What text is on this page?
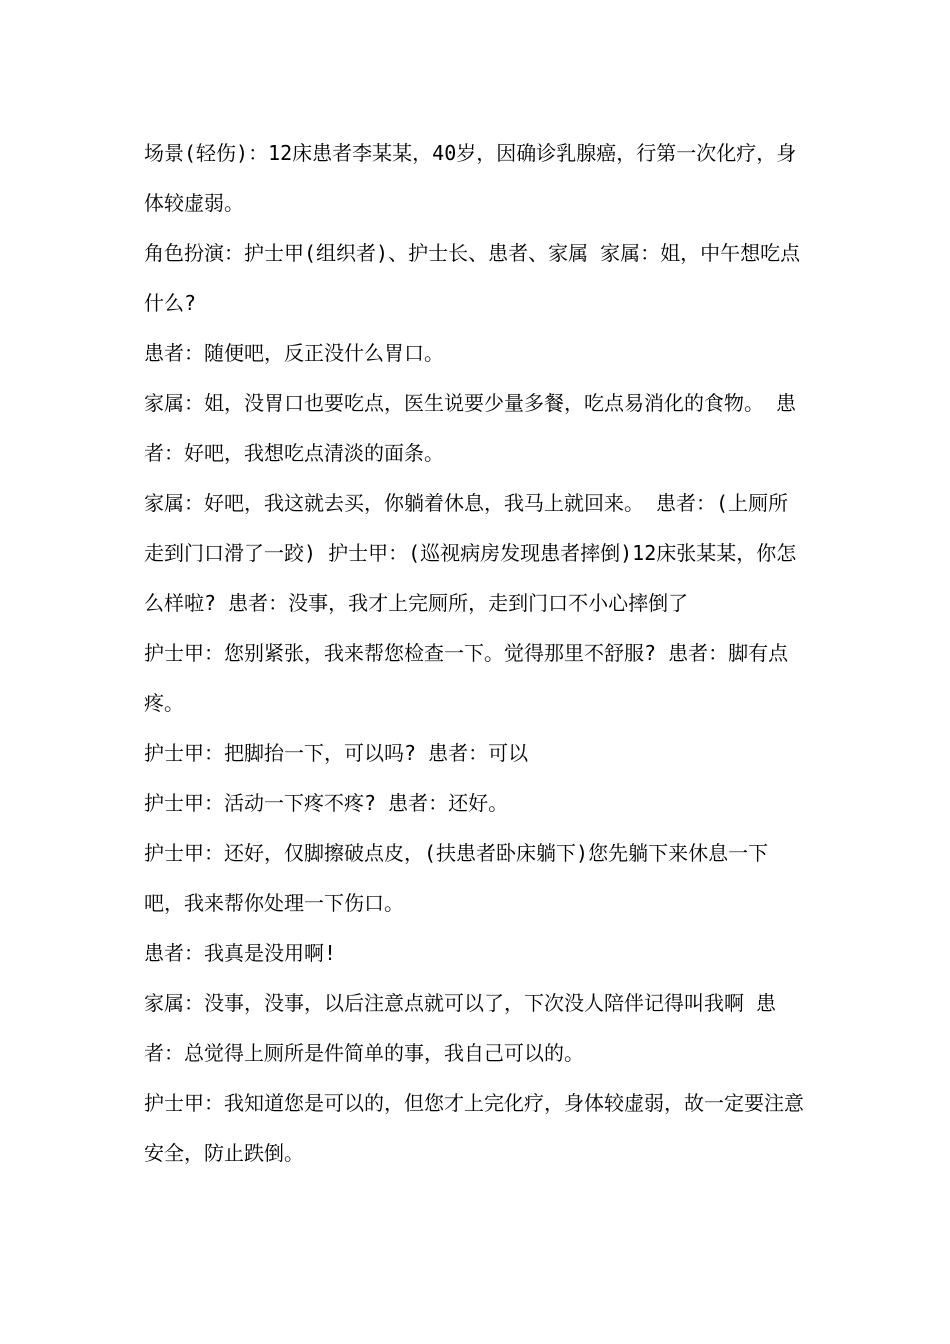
场景(轻伤)：12床患者李某某，40岁，因确诊乳腺癌，行第一次化疗，身体较虚弱。

角色扮演：护士甲(组织者)、护士长、患者、家属 家属：姐，中午想吃点什么?

患者：随便吧，反正没什么胃口。

家属：姐，没胃口也要吃点，医生说要少量多餐，吃点易消化的食物。 患者：好吧，我想吃点清淡的面条。

家属：好吧，我这就去买，你躺着休息，我马上就回来。 患者：(上厕所走到门口滑了一跤) 护士甲：(巡视病房发现患者摔倒)12床张某某，你怎么样啦? 患者：没事，我才上完厕所，走到门口不小心摔倒了

护士甲：您别紧张，我来帮您检查一下。觉得那里不舒服? 患者：脚有点疼。

护士甲：把脚抬一下，可以吗? 患者：可以

护士甲：活动一下疼不疼? 患者：还好。

护士甲：还好，仅脚擦破点皮，(扶患者卧床躺下)您先躺下来休息一下吧，我来帮你处理一下伤口。

患者：我真是没用啊!

家属：没事，没事，以后注意点就可以了，下次没人陪伴记得叫我啊 患者：总觉得上厕所是件简单的事，我自己可以的。

护士甲：我知道您是可以的，但您才上完化疗，身体较虚弱，故一定要注意安全，防止跌倒。
